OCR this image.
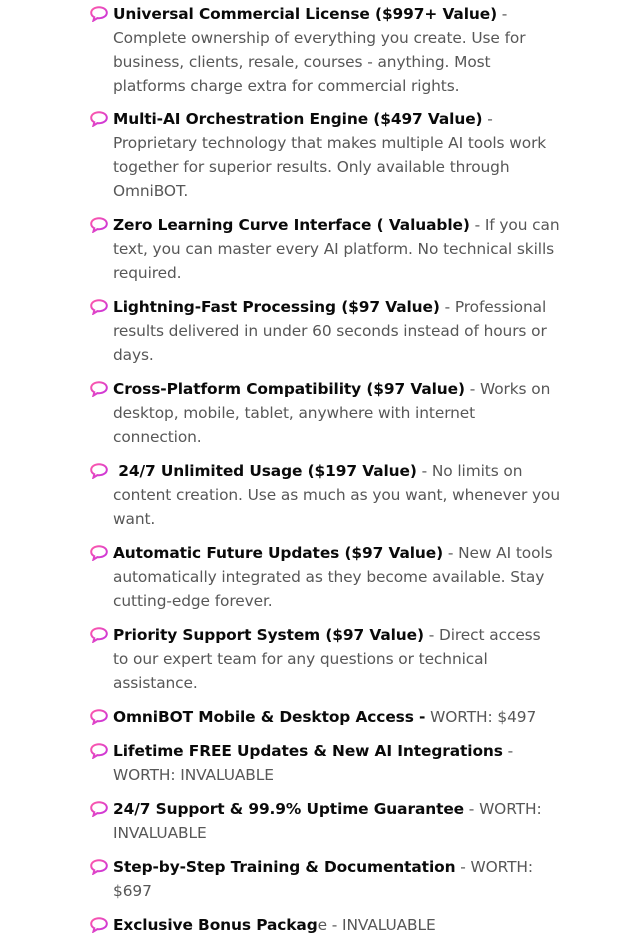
Universal Commercial License ($997+ Value) - Complete ownership of everything you create. Use for business, clients, resale, courses - anything. Most platforms charge extra for commercial rights.
Multi-AI Orchestration Engine ($497 Value) - Proprietary technology that makes multiple AI tools work together for superior results. Only available through OmniBOT.
Zero Learning Curve Interface ( Valuable) - If you can text, you can master every AI platform. No technical skills required.
Lightning-Fast Processing ($97 Value) - Professional results delivered in under 60 seconds instead of hours or days.
Cross-Platform Compatibility ($97 Value) - Works on desktop, mobile, tablet, anywhere with internet connection.
24/7 Unlimited Usage ($197 Value) - No limits on content creation. Use as much as you want, whenever you want.
Automatic Future Updates ($97 Value) - New AI tools automatically integrated as they become available. Stay cutting-edge forever.
Priority Support System ($97 Value) - Direct access to our expert team for any questions or technical assistance.
OmniBOT Mobile & Desktop Access - WORTH: $497
Lifetime FREE Updates & New AI Integrations - WORTH: INVALUABLE
24/7 Support & 99.9% Uptime Guarantee - WORTH: INVALUABLE
Step-by-Step Training & Documentation - WORTH: $697
Exclusive Bonus Package - INVALUABLE
